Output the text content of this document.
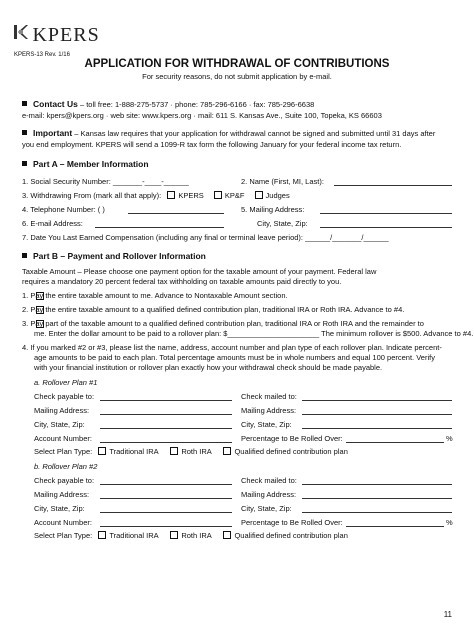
KPERS
KPERS-13 Rev. 1/16
APPLICATION FOR WITHDRAWAL OF CONTRIBUTIONS
For security reasons, do not submit application by e-mail.
Contact Us – toll free: 1-888-275-5737 · phone: 785-296-6166 · fax: 785-296-6638
e-mail: kpers@kpers.org · web site: www.kpers.org · mail: 611 S. Kansas Ave., Suite 100, Topeka, KS 66603
Important – Kansas law requires that your application for withdrawal cannot be signed and submitted until 31 days after
you end employment. KPERS will send a 1099-R tax form the following January for your federal income tax return.
Part A – Member Information
1. Social Security Number: _______-____-______	2. Name (First, MI, Last):
3. Withdrawing From (mark all that apply): KPERS	KP&F	Judges
4. Telephone Number: ( )	5. Mailing Address:
6. E-mail Address:	City, State, Zip:
7. Date You Last Earned Compensation (including any final or terminal leave period): ______/_______/______
Part B – Payment and Rollover Information
Taxable Amount – Please choose one payment option for the taxable amount of your payment. Federal law
requires a mandatory 20 percent federal tax withholding on taxable amounts paid directly to you.
1. Pay the entire taxable amount to me. Advance to Nontaxable Amount section.
2. Pay the entire taxable amount to a qualified defined contribution plan, traditional IRA or Roth IRA. Advance to #4.
3. Pay part of the taxable amount to a qualified defined contribution plan, traditional IRA or Roth IRA and the remainder to
me. Enter the dollar amount to be paid to a rollover plan: $______________________ The minimum rollover is $500. Advance to #4.
4. If you marked #2 or #3, please list the name, address, account number and plan type of each rollover plan. Indicate percent-
age amounts to be paid to each plan. Total percentage amounts must be in whole numbers and equal 100 percent. Verify
with your financial institution or rollover plan exactly how your withdrawal check should be made payable.
a. Rollover Plan #1
Check payable to:	Check mailed to:
Mailing Address:	Mailing Address:
City, State, Zip:	City, State, Zip:
Account Number:	Percentage to Be Rolled Over:	%
Select Plan Type: Traditional IRA	Roth IRA	Qualified defined contribution plan
b. Rollover Plan #2
Check payable to:	Check mailed to:
Mailing Address:	Mailing Address:
City, State, Zip:	City, State, Zip:
Account Number:	Percentage to Be Rolled Over:	%
Select Plan Type: Traditional IRA	Roth IRA	Qualified defined contribution plan
11
